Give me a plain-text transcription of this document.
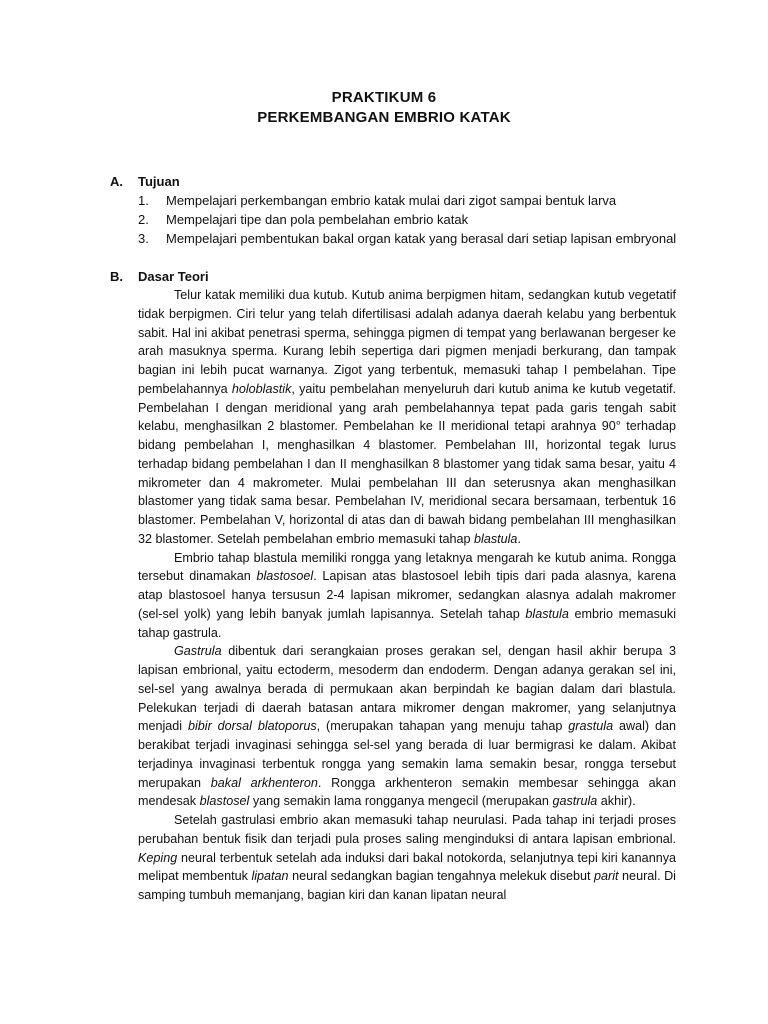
PRAKTIKUM 6
PERKEMBANGAN EMBRIO KATAK
A. Tujuan
1. Mempelajari perkembangan embrio katak mulai dari zigot sampai bentuk larva
2. Mempelajari tipe dan pola pembelahan embrio katak
3. Mempelajari pembentukan bakal organ katak yang berasal dari setiap lapisan embryonal
B. Dasar Teori

Telur katak memiliki dua kutub. Kutub anima berpigmen hitam, sedangkan kutub vegetatif tidak berpigmen. Ciri telur yang telah difertilisasi adalah adanya daerah kelabu yang berbentuk sabit. Hal ini akibat penetrasi sperma, sehingga pigmen di tempat yang berlawanan bergeser ke arah masuknya sperma. Kurang lebih sepertiga dari pigmen menjadi berkurang, dan tampak bagian ini lebih pucat warnanya. Zigot yang terbentuk, memasuki tahap I pembelahan. Tipe pembelahannya holoblastik, yaitu pembelahan menyeluruh dari kutub anima ke kutub vegetatif. Pembelahan I dengan meridional yang arah pembelahannya tepat pada garis tengah sabit kelabu, menghasilkan 2 blastomer. Pembelahan ke II meridional tetapi arahnya 90° terhadap bidang pembelahan I, menghasilkan 4 blastomer. Pembelahan III, horizontal tegak lurus terhadap bidang pembelahan I dan II menghasilkan 8 blastomer yang tidak sama besar, yaitu 4 mikrometer dan 4 makrometer. Mulai pembelahan III dan seterusnya akan menghasilkan blastomer yang tidak sama besar. Pembelahan IV, meridional secara bersamaan, terbentuk 16 blastomer. Pembelahan V, horizontal di atas dan di bawah bidang pembelahan III menghasilkan 32 blastomer. Setelah pembelahan embrio memasuki tahap blastula.

Embrio tahap blastula memiliki rongga yang letaknya mengarah ke kutub anima. Rongga tersebut dinamakan blastosoel. Lapisan atas blastosoel lebih tipis dari pada alasnya, karena atap blastosoel hanya tersusun 2-4 lapisan mikromer, sedangkan alasnya adalah makromer (sel-sel yolk) yang lebih banyak jumlah lapisannya. Setelah tahap blastula embrio memasuki tahap gastrula.

Gastrula dibentuk dari serangkaian proses gerakan sel, dengan hasil akhir berupa 3 lapisan embrional, yaitu ectoderm, mesoderm dan endoderm. Dengan adanya gerakan sel ini, sel-sel yang awalnya berada di permukaan akan berpindah ke bagian dalam dari blastula. Pelekukan terjadi di daerah batasan antara mikromer dengan makromer, yang selanjutnya menjadi bibir dorsal blatoporus, (merupakan tahapan yang menuju tahap grastula awal) dan berakibat terjadi invaginasi sehingga sel-sel yang berada di luar bermigrasi ke dalam. Akibat terjadinya invaginasi terbentuk rongga yang semakin lama semakin besar, rongga tersebut merupakan bakal arkhenteron. Rongga arkhenteron semakin membesar sehingga akan mendesak blastosel yang semakin lama rongganya mengecil (merupakan gastrula akhir).

Setelah gastrulasi embrio akan memasuki tahap neurulasi. Pada tahap ini terjadi proses perubahan bentuk fisik dan terjadi pula proses saling menginduksi di antara lapisan embrional. Keping neural terbentuk setelah ada induksi dari bakal notokorda, selanjutnya tepi kiri kanannya melipat membentuk lipatan neural sedangkan bagian tengahnya melekuk disebut parit neural. Di samping tumbuh memanjang, bagian kiri dan kanan lipatan neural
